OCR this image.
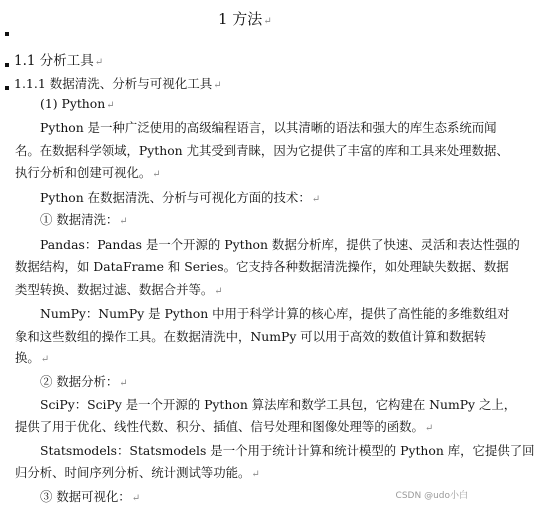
1 方法↵
1.1 分析工具↵
1.1.1 数据清洗、分析与可视化工具↵
(1) Python↵
Python 是一种广泛使用的高级编程语言，以其清晰的语法和强大的库生态系统而闻
名。在数据科学领域，Python 尤其受到青睐，因为它提供了丰富的库和工具来处理数据、
执行分析和创建可视化。↵
Python 在数据清洗、分析与可视化方面的技术：↵
① 数据清洗：↵
Pandas：Pandas 是一个开源的 Python 数据分析库，提供了快速、灵活和表达性强的
数据结构，如 DataFrame 和 Series。它支持各种数据清洗操作，如处理缺失数据、数据
类型转换、数据过滤、数据合并等。↵
NumPy：NumPy 是 Python 中用于科学计算的核心库，提供了高性能的多维数组对
象和这些数组的操作工具。在数据清洗中，NumPy 可以用于高效的数值计算和数据转
换。↵
② 数据分析：↵
SciPy：SciPy 是一个开源的 Python 算法库和数学工具包，它构建在 NumPy 之上，
提供了用于优化、线性代数、积分、插值、信号处理和图像处理等的函数。↵
Statsmodels：Statsmodels 是一个用于统计计算和统计模型的 Python 库，它提供了回
归分析、时间序列分析、统计测试等功能。↵
③ 数据可视化：↵	CSDN @udo小白
